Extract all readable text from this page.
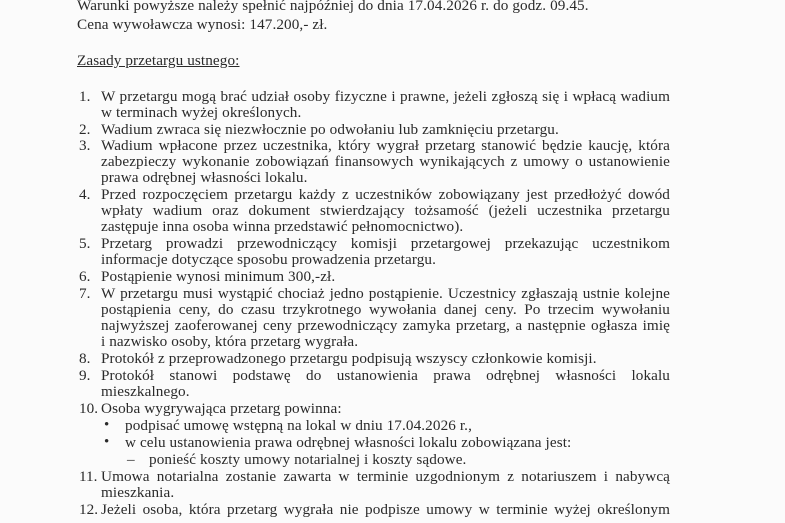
Warunki powyższe należy spełnić najpóźniej do dnia 17.04.2026 r. do godz. 09.45.
Cena wywoławcza wynosi: 147.200,- zł.
Zasady przetargu ustnego:
1. W przetargu mogą brać udział osoby fizyczne i prawne, jeżeli zgłoszą się i wpłacą wadium
w terminach wyżej określonych.
2. Wadium zwraca się niezwłocznie po odwołaniu lub zamknięciu przetargu.
3. Wadium wpłacone przez uczestnika, który wygrał przetarg stanowić będzie kaucję, która
zabezpieczy wykonanie zobowiązań finansowych wynikających z umowy o ustanowienie
prawa odrębnej własności lokalu.
4. Przed rozpoczęciem przetargu każdy z uczestników zobowiązany jest przedłożyć dowód
wpłaty wadium oraz dokument stwierdzający tożsamość (jeżeli uczestnika przetargu
zastępuje inna osoba winna przedstawić pełnomocnictwo).
5. Przetarg prowadzi przewodniczący komisji przetargowej przekazując uczestnikom
informacje dotyczące sposobu prowadzenia przetargu.
6. Postąpienie wynosi minimum 300,-zł.
7. W przetargu musi wystąpić chociaż jedno postąpienie. Uczestnicy zgłaszają ustnie kolejne
postąpienia ceny, do czasu trzykrotnego wywołania danej ceny. Po trzecim wywołaniu
najwyższej zaoferowanej ceny przewodniczący zamyka przetarg, a następnie ogłasza imię
i nazwisko osoby, która przetarg wygrała.
8. Protokół z przeprowadzonego przetargu podpisują wszyscy członkowie komisji.
9. Protokół stanowi podstawę do ustanowienia prawa odrębnej własności lokalu
mieszkalnego.
10. Osoba wygrywająca przetarg powinna:
• podpisać umowę wstępną na lokal w dniu 17.04.2026 r.,
• w celu ustanowienia prawa odrębnej własności lokalu zobowiązana jest:
– ponieść koszty umowy notarialnej i koszty sądowe.
11. Umowa notarialna zostanie zawarta w terminie uzgodnionym z notariuszem i nabywcą
mieszkania.
12. Jeżeli osoba, która przetarg wygrała nie podpisze umowy w terminie wyżej określonym
